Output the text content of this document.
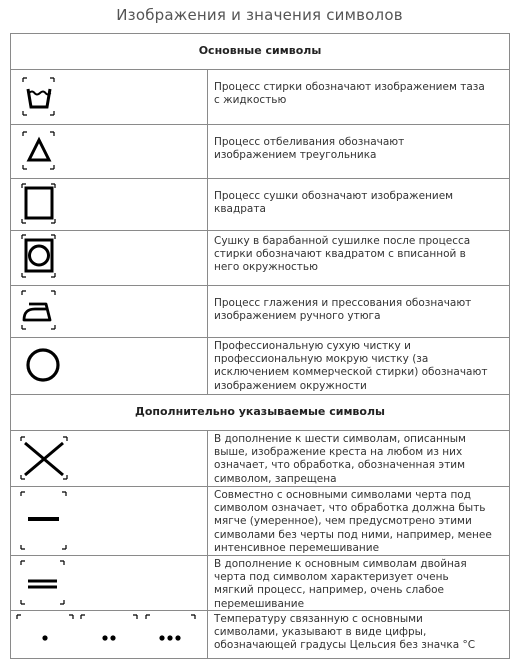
Изображения и значения символов
Основные символы
Процесс стирки обозначают изображением таза
с жидкостью
Процесс отбеливания обозначают
изображением треугольника
Процесс сушки обозначают изображением
квадрата
Сушку в барабанной сушилке после процесса
стирки обозначают квадратом с вписанной в
него окружностью
Процесс глажения и прессования обозначают
изображением ручного утюга
Профессиональную сухую чистку и
профессиональную мокрую чистку (за
исключением коммерческой стирки) обозначают
изображением окружности
Дополнительно указываемые символы
В дополнение к шести символам, описанным
выше, изображение креста на любом из них
означает, что обработка, обозначенная этим
символом, запрещена
Совместно с основными символами черта под
символом означает, что обработка должна быть
мягче (умеренное), чем предусмотрено этими
символами без черты под ними, например, менее
интенсивное перемешивание
В дополнение к основным символам двойная
черта под символом характеризует очень
мягкий процесс, например, очень слабое
перемешивание
Температуру связанную с основными
символами, указывают в виде цифры,
обозначающей градусы Цельсия без значка °C
